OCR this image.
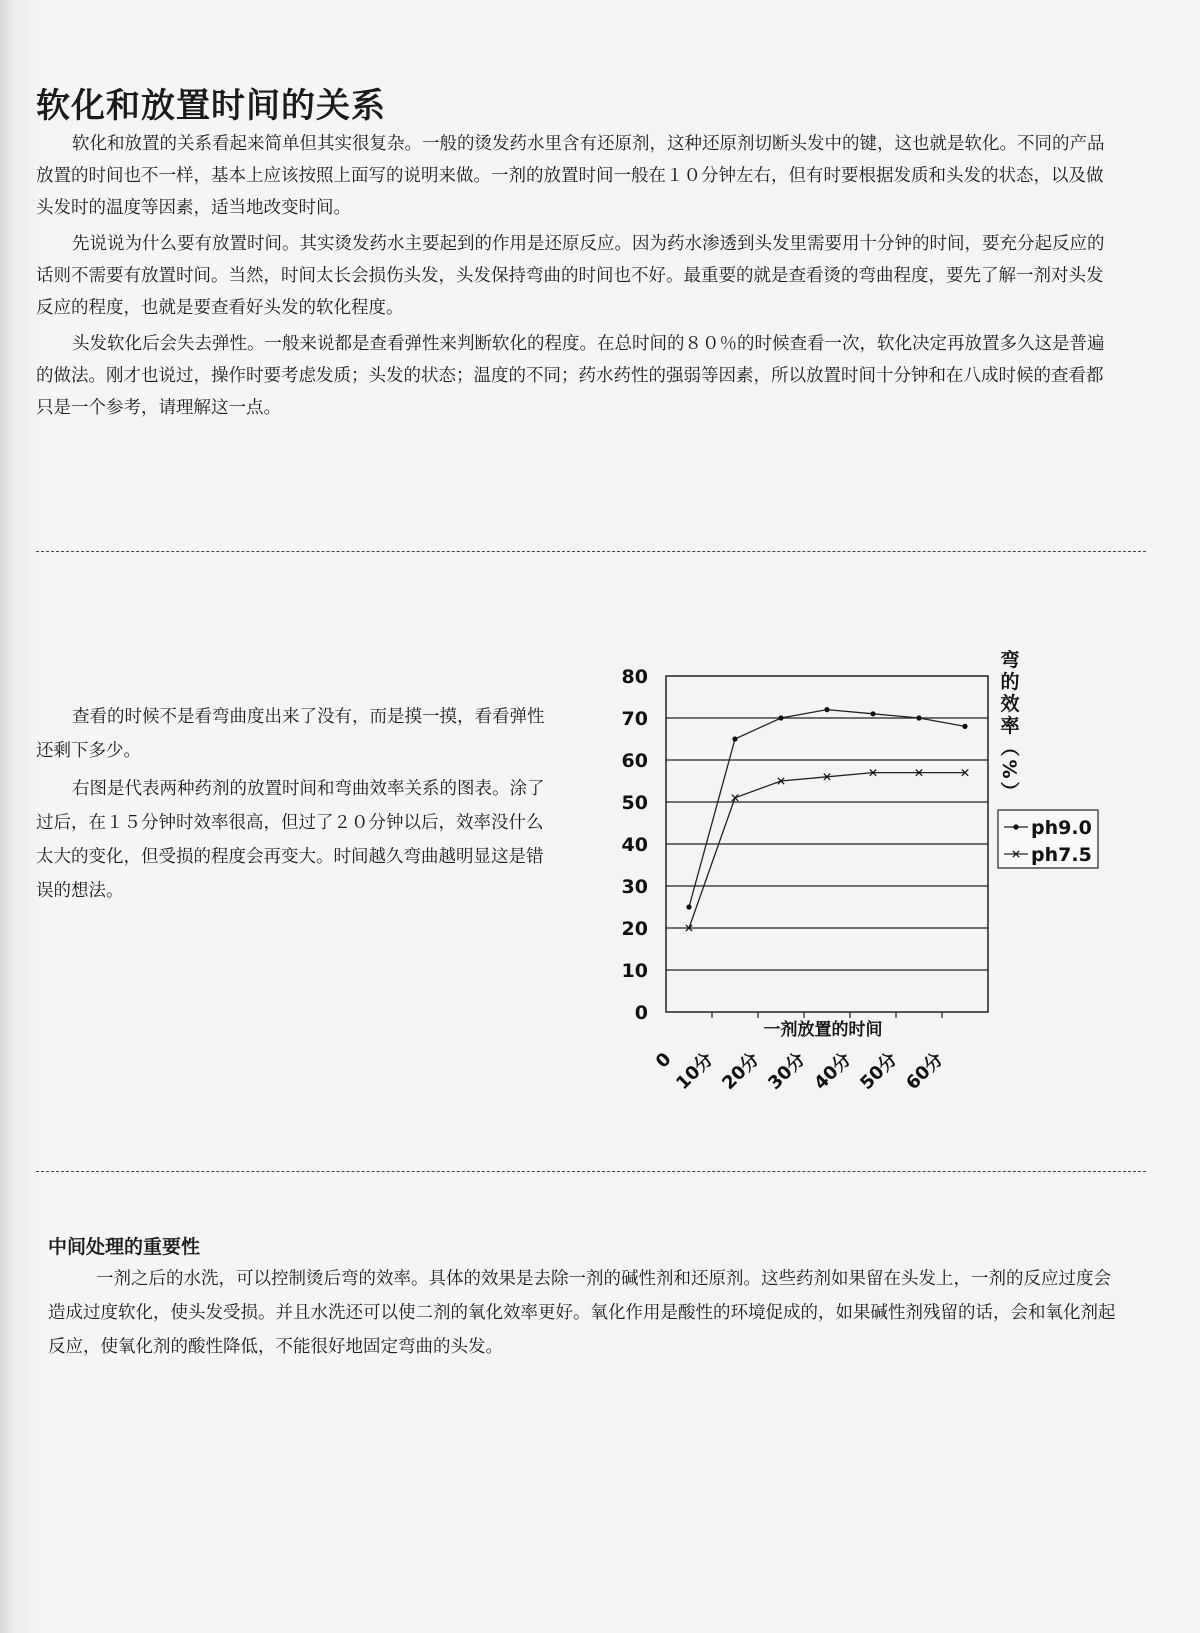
软化和放置时间的关系

软化和放置的关系看起来简单但其实很复杂。一般的烫发药水里含有还原剂，这种还原剂切断头发中的键，这也就是软化。不同的产品放置的时间也不一样，基本上应该按照上面写的说明来做。一剂的放置时间一般在１０分钟左右，但有时要根据发质和头发的状态，以及做头发时的温度等因素，适当地改变时间。

先说说为什么要有放置时间。其实烫发药水主要起到的作用是还原反应。因为药水渗透到头发里需要用十分钟的时间，要充分起反应的话则不需要有放置时间。当然，时间太长会损伤头发，头发保持弯曲的时间也不好。最重要的就是查看烫的弯曲程度，要先了解一剂对头发反应的程度，也就是要查看好头发的软化程度。

头发软化后会失去弹性。一般来说都是查看弹性来判断软化的程度。在总时间的８０％的时候查看一次，软化决定再放置多久这是普遍的做法。刚才也说过，操作时要考虑发质；头发的状态；温度的不同；药水药性的强弱等因素，所以放置时间十分钟和在八成时候的查看都只是一个参考，请理解这一点。

查看的时候不是看弯曲度出来了没有，而是摸一摸，看看弹性还剩下多少。

右图是代表两种药剂的放置时间和弯曲效率关系的图表。涂了过后，在１５分钟时效率很高，但过了２０分钟以后，效率没什么太大的变化，但受损的程度会再变大。时间越久弯曲越明显这是错误的想法。

0
10
20
30
40
50
60
70
80
0
10分 20分 30分 40分 50分 60分
一剂放置的时间
弯
的
效
率
（
%
）
ph9.0
ph7.5
中间处理的重要性

一剂之后的水洗，可以控制烫后弯的效率。具体的效果是去除一剂的碱性剂和还原剂。这些药剂如果留在头发上，一剂的反应过度会造成过度软化，使头发受损。并且水洗还可以使二剂的氧化效率更好。氧化作用是酸性的环境促成的，如果碱性剂残留的话，会和氧化剂起反应，使氧化剂的酸性降低，不能很好地固定弯曲的头发。
